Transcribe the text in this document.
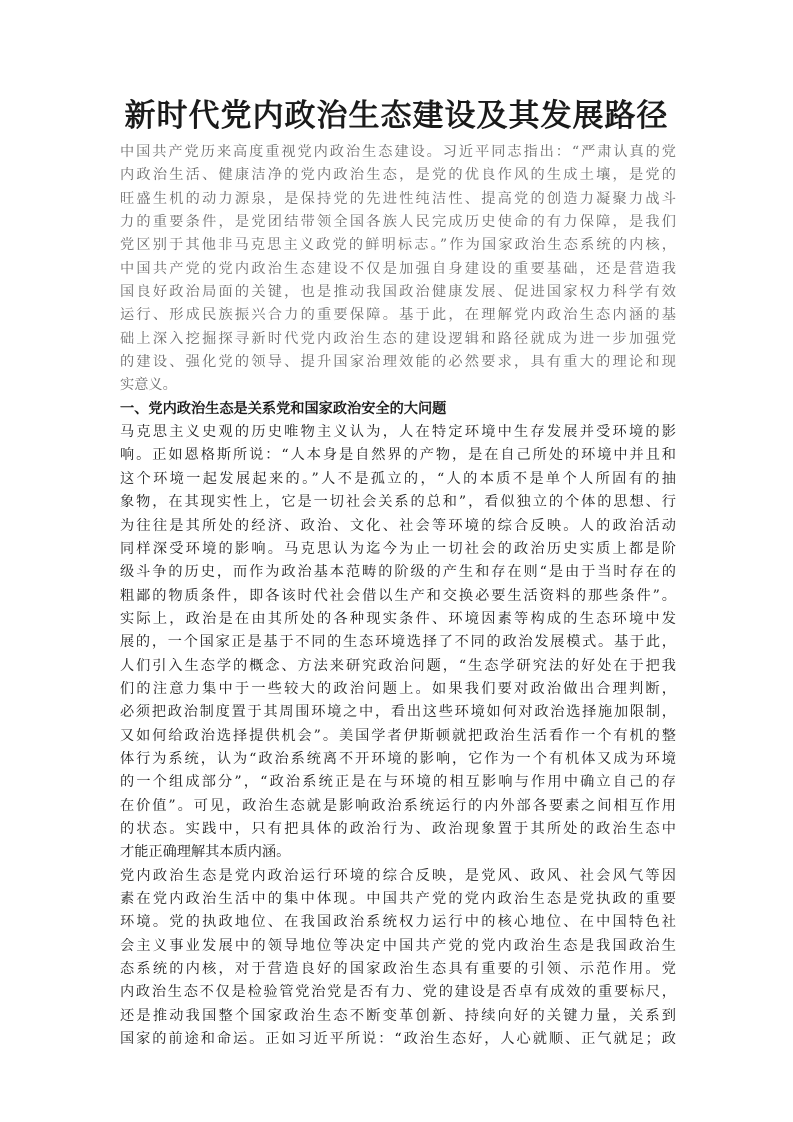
新时代党内政治生态建设及其发展路径
中国共产党历来高度重视党内政治生态建设。习近平同志指出：“严肃认真的党
内政治生活、健康洁净的党内政治生态，是党的优良作风的生成土壤，是党的
旺盛生机的动力源泉，是保持党的先进性纯洁性、提高党的创造力凝聚力战斗
力的重要条件，是党团结带领全国各族人民完成历史使命的有力保障，是我们
党区别于其他非马克思主义政党的鲜明标志。”作为国家政治生态系统的内核，
中国共产党的党内政治生态建设不仅是加强自身建设的重要基础，还是营造我
国良好政治局面的关键，也是推动我国政治健康发展、促进国家权力科学有效
运行、形成民族振兴合力的重要保障。基于此，在理解党内政治生态内涵的基
础上深入挖掘探寻新时代党内政治生态的建设逻辑和路径就成为进一步加强党
的建设、强化党的领导、提升国家治理效能的必然要求，具有重大的理论和现
实意义。
一、党内政治生态是关系党和国家政治安全的大问题
马克思主义史观的历史唯物主义认为，人在特定环境中生存发展并受环境的影
响。正如恩格斯所说：“人本身是自然界的产物，是在自己所处的环境中并且和
这个环境一起发展起来的。”人不是孤立的，“人的本质不是单个人所固有的抽
象物，在其现实性上，它是一切社会关系的总和”，看似独立的个体的思想、行
为往往是其所处的经济、政治、文化、社会等环境的综合反映。人的政治活动
同样深受环境的影响。马克思认为迄今为止一切社会的政治历史实质上都是阶
级斗争的历史，而作为政治基本范畴的阶级的产生和存在则“是由于当时存在的
粗鄙的物质条件，即各该时代社会借以生产和交换必要生活资料的那些条件”。
实际上，政治是在由其所处的各种现实条件、环境因素等构成的生态环境中发
展的，一个国家正是基于不同的生态环境选择了不同的政治发展模式。基于此，
人们引入生态学的概念、方法来研究政治问题，“生态学研究法的好处在于把我
们的注意力集中于一些较大的政治问题上。如果我们要对政治做出合理判断，
必须把政治制度置于其周围环境之中，看出这些环境如何对政治选择施加限制，
又如何给政治选择提供机会”。美国学者伊斯顿就把政治生活看作一个有机的整
体行为系统，认为“政治系统离不开环境的影响，它作为一个有机体又成为环境
的一个组成部分”，“政治系统正是在与环境的相互影响与作用中确立自己的存
在价值”。可见，政治生态就是影响政治系统运行的内外部各要素之间相互作用
的状态。实践中，只有把具体的政治行为、政治现象置于其所处的政治生态中
才能正确理解其本质内涵。
党内政治生态是党内政治运行环境的综合反映，是党风、政风、社会风气等因
素在党内政治生活中的集中体现。中国共产党的党内政治生态是党执政的重要
环境。党的执政地位、在我国政治系统权力运行中的核心地位、在中国特色社
会主义事业发展中的领导地位等决定中国共产党的党内政治生态是我国政治生
态系统的内核，对于营造良好的国家政治生态具有重要的引领、示范作用。党
内政治生态不仅是检验管党治党是否有力、党的建设是否卓有成效的重要标尺，
还是推动我国整个国家政治生态不断变革创新、持续向好的关键力量，关系到
国家的前途和命运。正如习近平所说：“政治生态好，人心就顺、正气就足；政
